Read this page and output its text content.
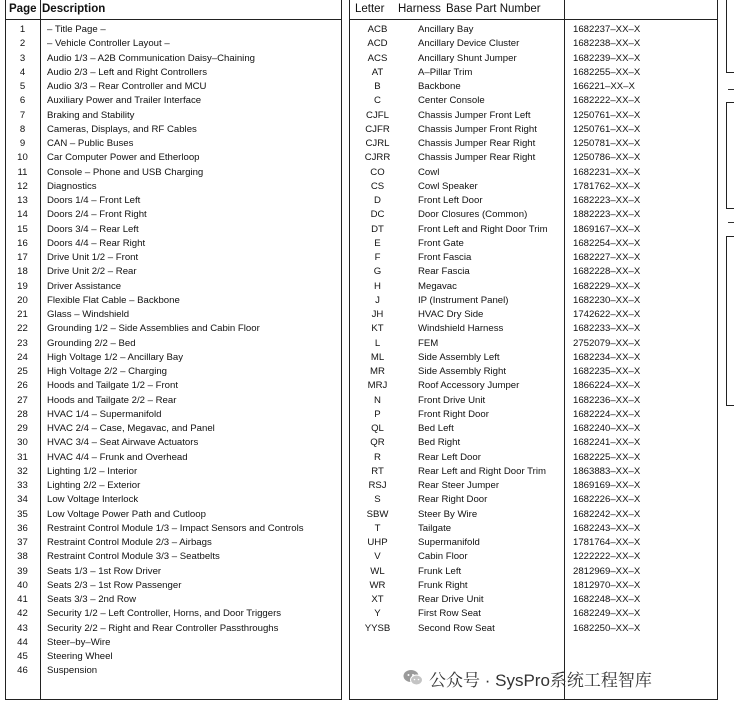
Page Description
1	– Title Page –
2	– Vehicle Controller Layout –
3	Audio 1/3 – A2B Communication Daisy–Chaining
4	Audio 2/3 – Left and Right Controllers
5	Audio 3/3 – Rear Controller and MCU
6	Auxiliary Power and Trailer Interface
7	Braking and Stability
8	Cameras, Displays, and RF Cables
9	CAN – Public Buses
10	Car Computer Power and Etherloop
11	Console – Phone and USB Charging
12	Diagnostics
13	Doors 1/4 – Front Left
14	Doors 2/4 – Front Right
15	Doors 3/4 – Rear Left
16	Doors 4/4 – Rear Right
17	Drive Unit 1/2 – Front
18	Drive Unit 2/2 – Rear
19	Driver Assistance
20	Flexible Flat Cable – Backbone
21	Glass – Windshield
22	Grounding 1/2 – Side Assemblies and Cabin Floor
23	Grounding 2/2 – Bed
24	High Voltage 1/2 – Ancillary Bay
25	High Voltage 2/2 – Charging
26	Hoods and Tailgate 1/2 – Front
27	Hoods and Tailgate 2/2 – Rear
28	HVAC 1/4 – Supermanifold
29	HVAC 2/4 – Case, Megavac, and Panel
30	HVAC 3/4 – Seat Airwave Actuators
31	HVAC 4/4 – Frunk and Overhead
32	Lighting 1/2 – Interior
33	Lighting 2/2 – Exterior
34	Low Voltage Interlock
35	Low Voltage Power Path and Cutloop
36	Restraint Control Module 1/3 – Impact Sensors and Controls
37	Restraint Control Module 2/3 – Airbags
38	Restraint Control Module 3/3 – Seatbelts
39	Seats 1/3 – 1st Row Driver
40	Seats 2/3 – 1st Row Passenger
41	Seats 3/3 – 2nd Row
42	Security 1/2 – Left Controller, Horns, and Door Triggers
43	Security 2/2 – Right and Rear Controller Passthroughs
44	Steer–by–Wire
45	Steering Wheel
46	Suspension
Letter Harness Base Part Number
ACB	Ancillary Bay	1682237–XX–X
ACD	Ancillary Device Cluster	1682238–XX–X
ACS	Ancillary Shunt Jumper	1682239–XX–X
AT	A–Pillar Trim	1682255–XX–X
B	Backbone	166221–XX–X
C	Center Console	1682222–XX–X
CJFL	Chassis Jumper Front Left	1250761–XX–X
CJFR	Chassis Jumper Front Right	1250761–XX–X
CJRL	Chassis Jumper Rear Right	1250781–XX–X
CJRR	Chassis Jumper Rear Right	1250786–XX–X
CO	Cowl	1682231–XX–X
CS	Cowl Speaker	1781762–XX–X
D	Front Left Door	1682223–XX–X
DC	Door Closures (Common)	1882223–XX–X
DT	Front Left and Right Door Trim	1869167–XX–X
E	Front Gate	1682254–XX–X
F	Front Fascia	1682227–XX–X
G	Rear Fascia	1682228–XX–X
H	Megavac	1682229–XX–X
J	IP (Instrument Panel)	1682230–XX–X
JH	HVAC Dry Side	1742622–XX–X
KT	Windshield Harness	1682233–XX–X
L	FEM	2752079–XX–X
ML	Side Assembly Left	1682234–XX–X
MR	Side Assembly Right	1682235–XX–X
MRJ	Roof Accessory Jumper	1866224–XX–X
N	Front Drive Unit	1682236–XX–X
P	Front Right Door	1682224–XX–X
QL	Bed Left	1682240–XX–X
QR	Bed Right	1682241–XX–X
R	Rear Left Door	1682225–XX–X
RT	Rear Left and Right Door Trim	1863883–XX–X
RSJ	Rear Steer Jumper	1869169–XX–X
S	Rear Right Door	1682226–XX–X
SBW	Steer By Wire	1682242–XX–X
T	Tailgate	1682243–XX–X
UHP	Supermanifold	1781764–XX–X
V	Cabin Floor	1222222–XX–X
WL	Frunk Left	2812969–XX–X
WR	Frunk Right	1812970–XX–X
XT	Rear Drive Unit	1682248–XX–X
Y	First Row Seat	1682249–XX–X
YYSB	Second Row Seat	1682250–XX–X
公众号 · SysPro系统工程智库
